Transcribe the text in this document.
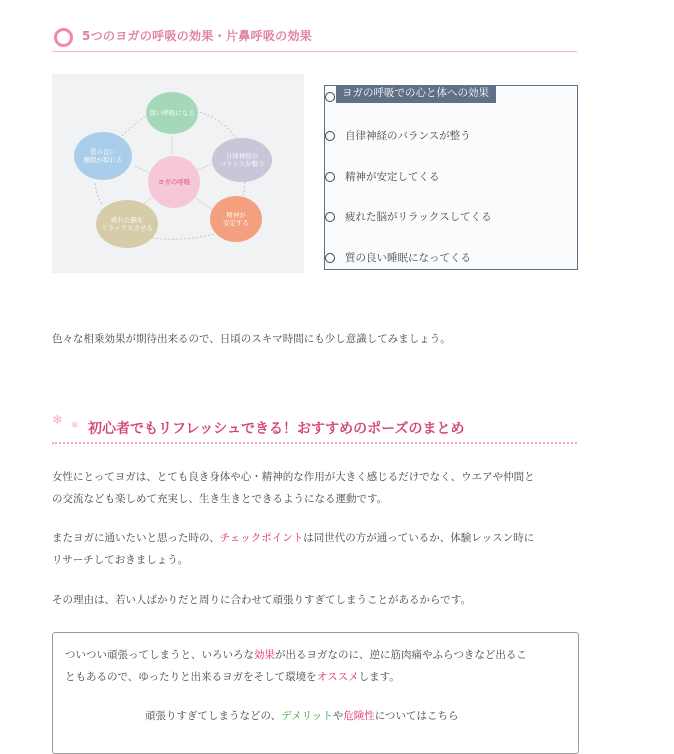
5つのヨガの呼吸の効果・片鼻呼吸の効果
深い呼吸になる
自律神経の
バランスが整う
精神が
安定する
疲れた脳を
リラックスさせる
質の良い
睡眠が取れる
ヨガの呼吸
ヨガの呼吸での心と体への効果
自律神経のバランスが整う
精神が安定してくる
疲れた脳がリラックスしてくる
質の良い睡眠になってくる
色々な相乗効果が期待出来るので、日頃のスキマ時間にも少し意識してみましょう。
❄ ❄ 初心者でもリフレッシュできる！おすすめのポーズのまとめ
女性にとってヨガは、とても良き身体や心・精神的な作用が大きく感じるだけでなく、ウエアや仲間と
の交流なども楽しめて充実し、生き生きとできるようになる運動です。
またヨガに通いたいと思った時の、チェックポイントは同世代の方が通っているか、体験レッスン時に
リサーチしておきましょう。
その理由は、若い人ばかりだと周りに合わせて頑張りすぎてしまうことがあるからです。
ついつい頑張ってしまうと、いろいろな効果が出るヨガなのに、逆に筋肉痛やふらつきなど出るこ
ともあるので、ゆったりと出来るヨガをそして環境をオススメします。
頑張りすぎてしまうなどの、デメリットや危険性についてはこちら
